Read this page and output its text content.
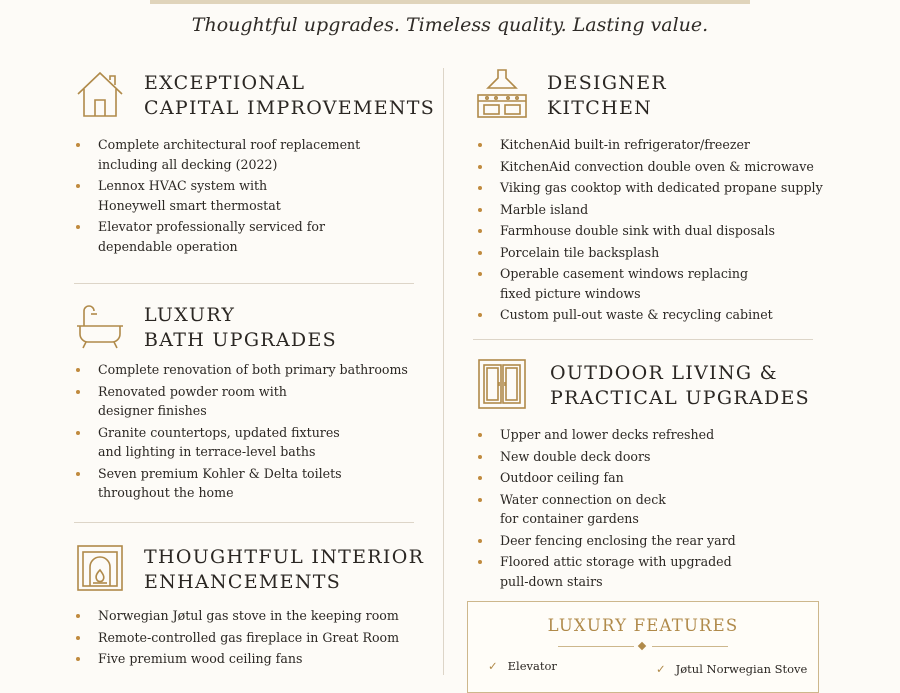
Thoughtful upgrades. Timeless quality. Lasting value.
EXCEPTIONAL
CAPITAL IMPROVEMENTS
Complete architectural roof replacement
including all decking (2022)
Lennox HVAC system with
Honeywell smart thermostat
Elevator professionally serviced for
dependable operation
LUXURY
BATH UPGRADES
Complete renovation of both primary bathrooms
Renovated powder room with
designer finishes
Granite countertops, updated fixtures
and lighting in terrace-level baths
Seven premium Kohler & Delta toilets
throughout the home
THOUGHTFUL INTERIOR
ENHANCEMENTS
Norwegian Jøtul gas stove in the keeping room
Remote-controlled gas fireplace in Great Room
Five premium wood ceiling fans
DESIGNER
KITCHEN
KitchenAid built-in refrigerator/freezer
KitchenAid convection double oven & microwave
Viking gas cooktop with dedicated propane supply
Marble island
Farmhouse double sink with dual disposals
Porcelain tile backsplash
Operable casement windows replacing
fixed picture windows
Custom pull-out waste & recycling cabinet
OUTDOOR LIVING &
PRACTICAL UPGRADES
Upper and lower decks refreshed
New double deck doors
Outdoor ceiling fan
Water connection on deck
for container gardens
Deer fencing enclosing the rear yard
Floored attic storage with upgraded
pull-down stairs
LUXURY FEATURES
✓ Elevator	✓ Jøtul Norwegian Stove
